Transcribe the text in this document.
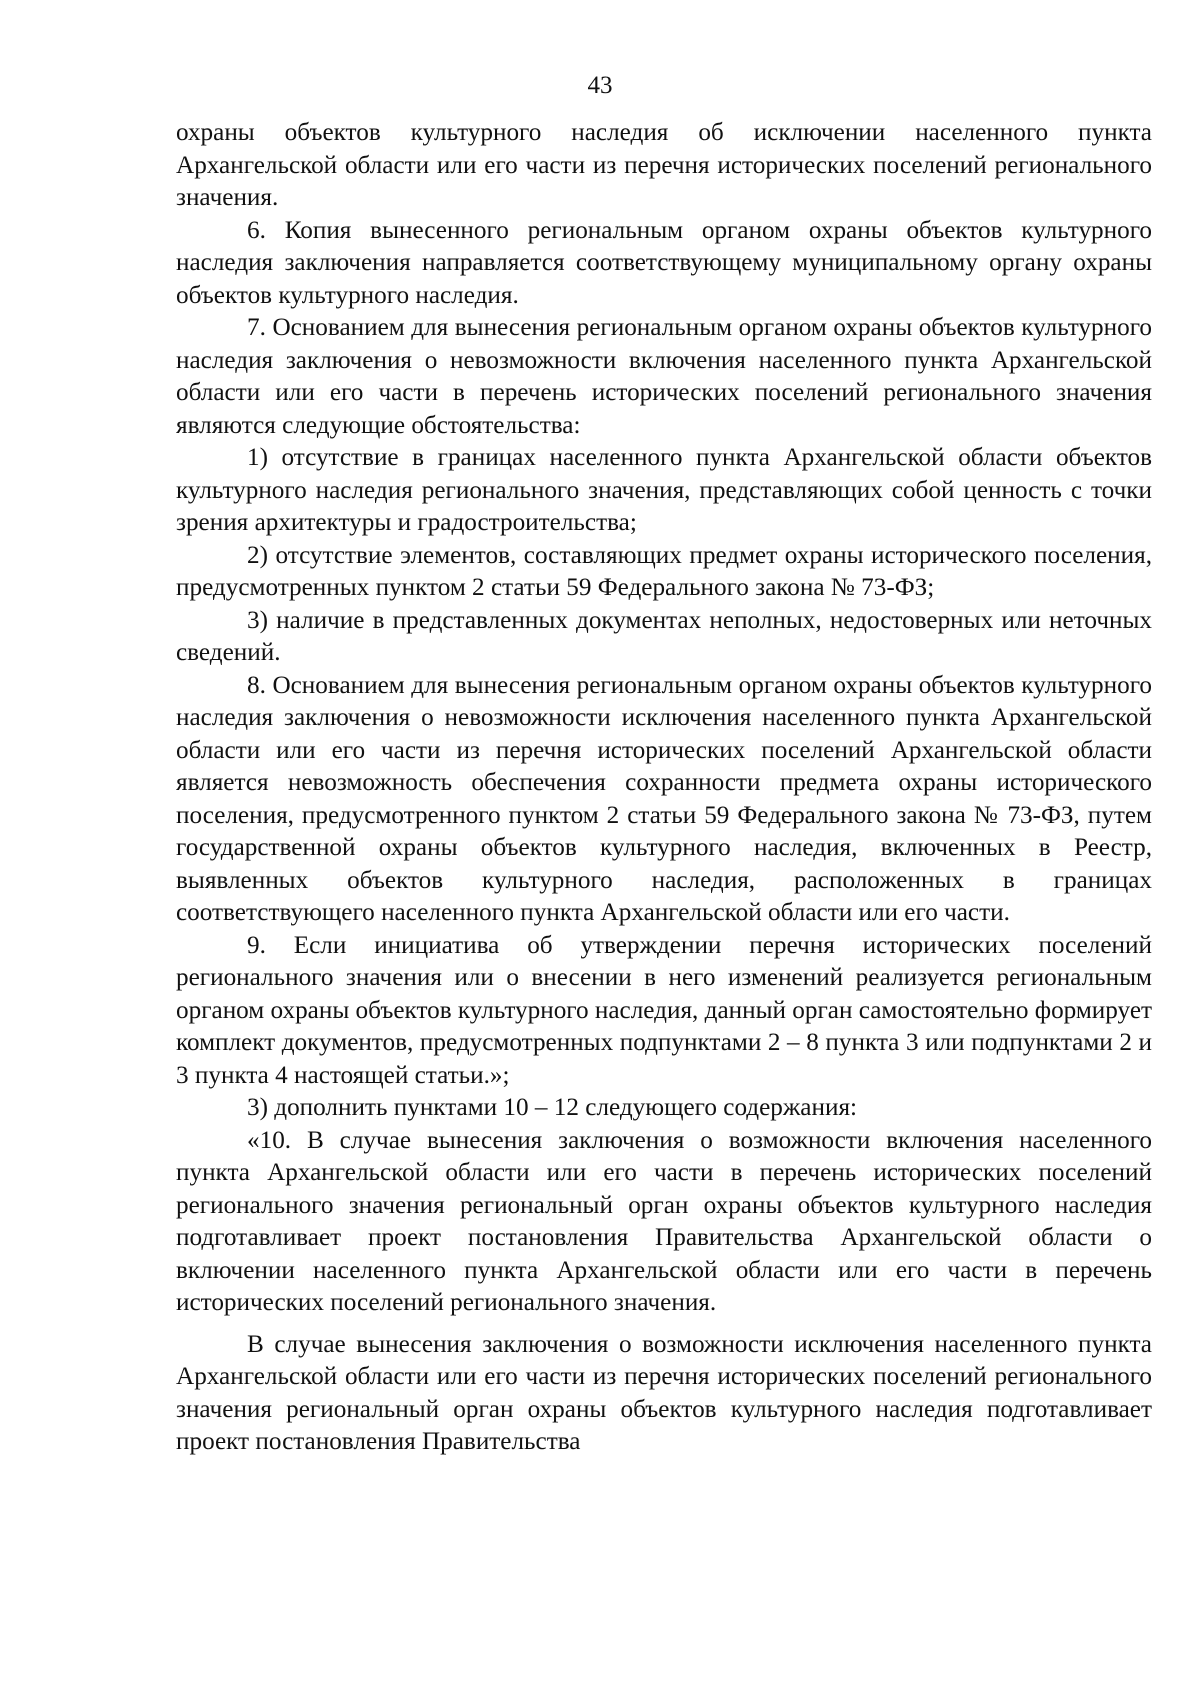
43

охраны объектов культурного наследия об исключении населенного пункта Архангельской области или его части из перечня исторических поселений регионального значения.

6. Копия вынесенного региональным органом охраны объектов культурного наследия заключения направляется соответствующему муниципальному органу охраны объектов культурного наследия.

7. Основанием для вынесения региональным органом охраны объектов культурного наследия заключения о невозможности включения населенного пункта Архангельской области или его части в перечень исторических поселений регионального значения являются следующие обстоятельства:

1) отсутствие в границах населенного пункта Архангельской области объектов культурного наследия регионального значения, представляющих собой ценность с точки зрения архитектуры и градостроительства;

2) отсутствие элементов, составляющих предмет охраны исторического поселения, предусмотренных пунктом 2 статьи 59 Федерального закона № 73-ФЗ;

3) наличие в представленных документах неполных, недостоверных или неточных сведений.

8. Основанием для вынесения региональным органом охраны объектов культурного наследия заключения о невозможности исключения населенного пункта Архангельской области или его части из перечня исторических поселений Архангельской области является невозможность обеспечения сохранности предмета охраны исторического поселения, предусмотренного пунктом 2 статьи 59 Федерального закона № 73-ФЗ, путем государственной охраны объектов культурного наследия, включенных в Реестр, выявленных объектов культурного наследия, расположенных в границах соответствующего населенного пункта Архангельской области или его части.

9. Если инициатива об утверждении перечня исторических поселений регионального значения или о внесении в него изменений реализуется региональным органом охраны объектов культурного наследия, данный орган самостоятельно формирует комплект документов, предусмотренных подпунктами 2 – 8 пункта 3 или подпунктами 2 и 3 пункта 4 настоящей статьи.»;

3) дополнить пунктами 10 – 12 следующего содержания:

«10. В случае вынесения заключения о возможности включения населенного пункта Архангельской области или его части в перечень исторических поселений регионального значения региональный орган охраны объектов культурного наследия подготавливает проект постановления Правительства Архангельской области о включении населенного пункта Архангельской области или его части в перечень исторических поселений регионального значения.

В случае вынесения заключения о возможности исключения населенного пункта Архангельской области или его части из перечня исторических поселений регионального значения региональный орган охраны объектов культурного наследия подготавливает проект постановления Правительства
